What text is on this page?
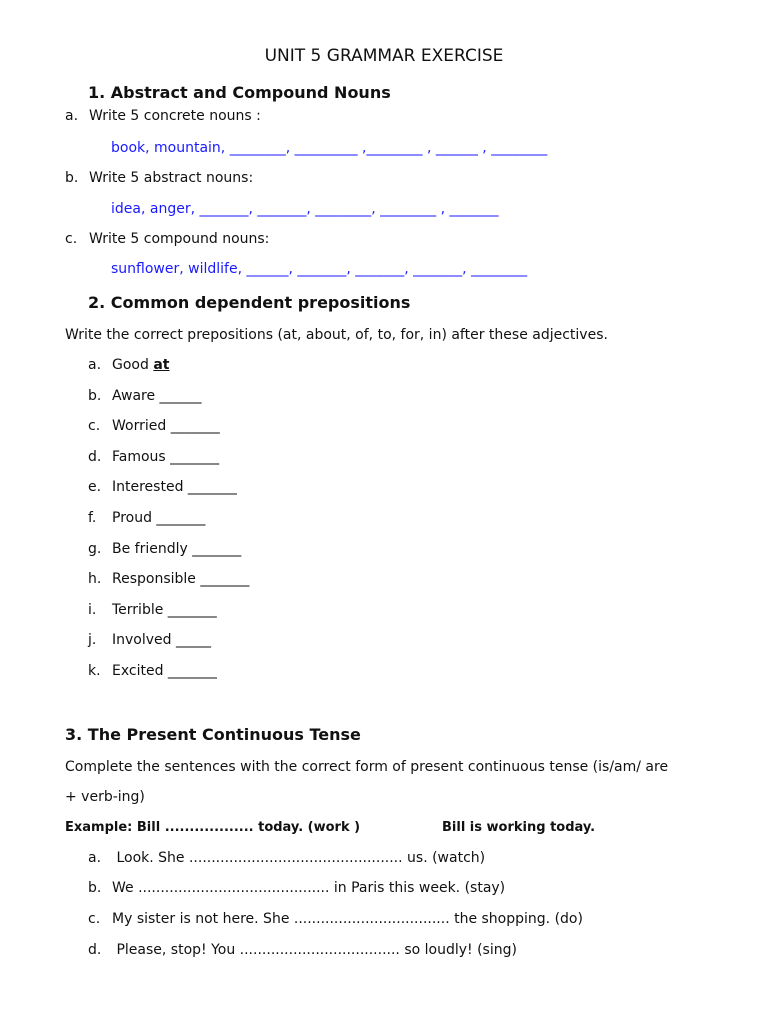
UNIT 5 GRAMMAR EXERCISE
1. Abstract and Compound Nouns
a. Write 5 concrete nouns :
book, mountain, ________, _________ ,________ , ______ , ________
b. Write 5 abstract nouns:
idea, anger, _______, _______, ________, ________ , _______
c. Write 5 compound nouns:
sunflower, wildlife, ______, _______, _______, _______, ________
2. Common dependent prepositions
Write the correct prepositions (at, about, of, to, for, in) after these adjectives.
a. Good at
b. Aware ______
c. Worried _______
d. Famous _______
e. Interested _______
f. Proud _______
g. Be friendly _______
h. Responsible _______
i. Terrible _______
j. Involved _____
k. Excited _______
3. The Present Continuous Tense
Complete the sentences with the correct form of present continuous tense (is/am/ are
+ verb-ing)
Example: Bill .................. today. (work )	Bill is working today.
a. Look. She ................................................ us. (watch)
b. We ........................................... in Paris this week. (stay)
c. My sister is not here. She ................................... the shopping. (do)
d. Please, stop! You .................................... so loudly! (sing)
